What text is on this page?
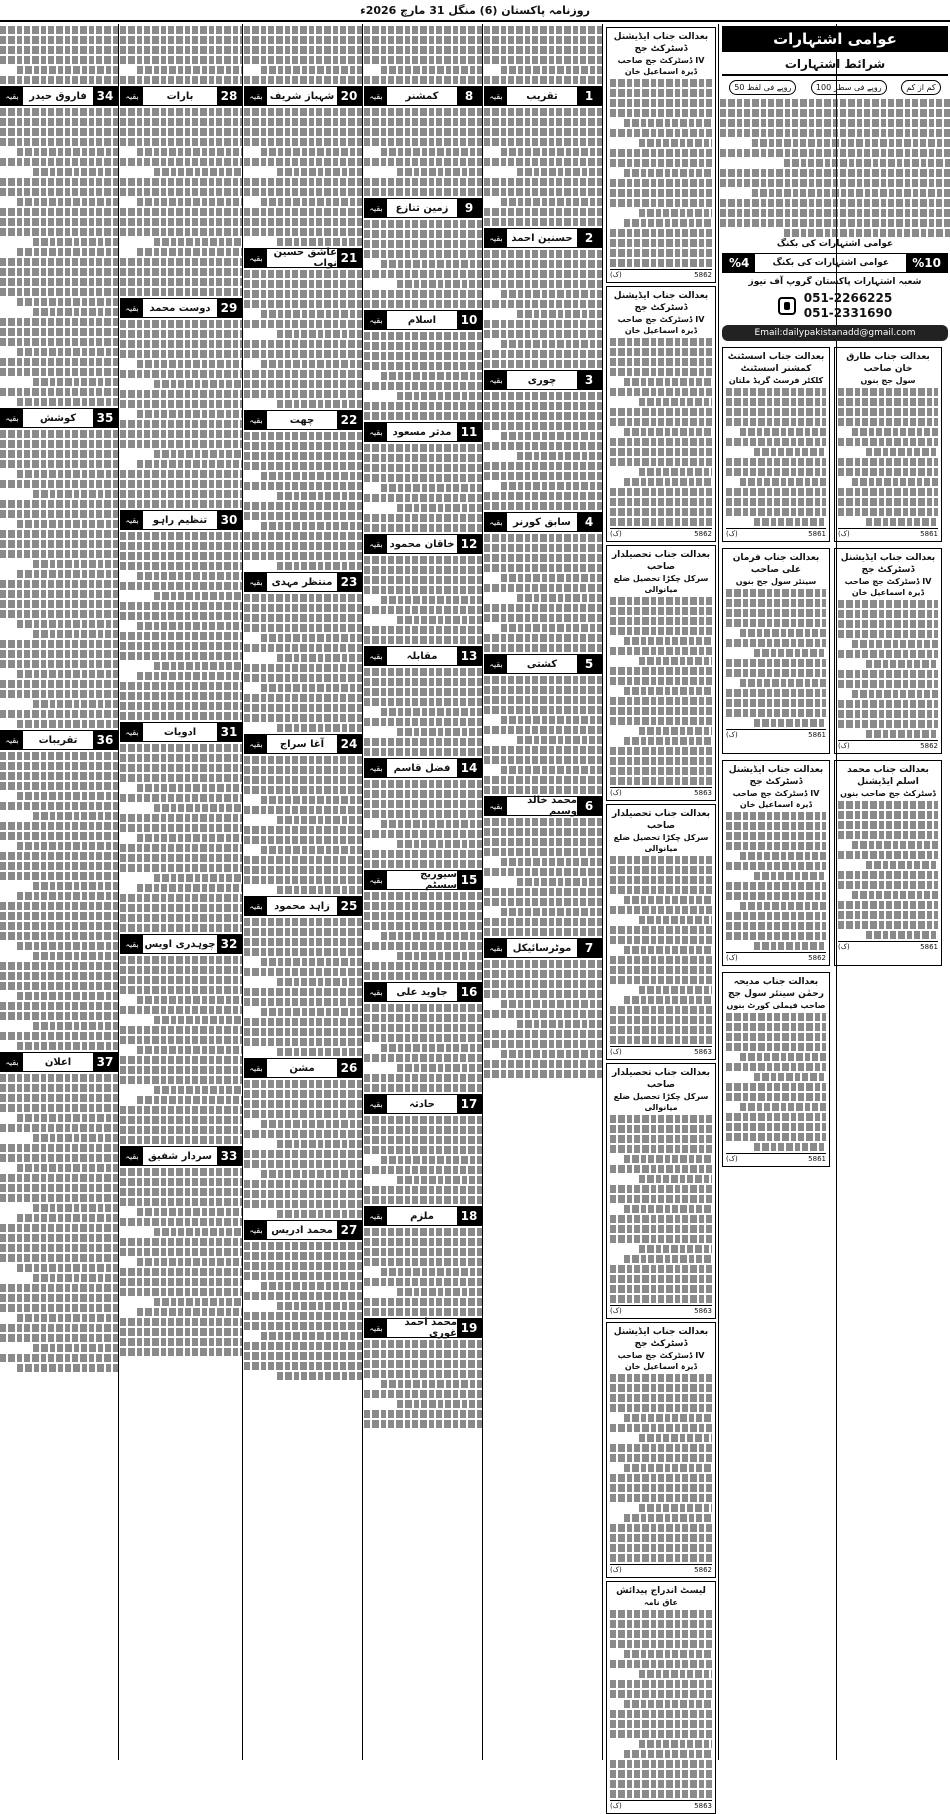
روزنامہ پاکستان (6) منگل 31 مارچ 2026ء
عوامی اشتہارات
شرائط اشتہارات
50 روپے فی لفظ	100 روپے فی سطر	کم از کم
عوامی اشتہارات کی بکنگ
%10
عوامی اشتہارات کی بکنگ
%4
شعبہ اشتہارات پاکستان گروپ آف نیوز
051-2266225
051-2331690
Email:dailypakistanadd@gmail.com
بعدالت جناب اسسٹنٹ کمشنر اسسٹنٹ
کلکٹر فرسٹ گریڈ ملتان
5861
(ک)
بعدالت جناب طارق خان صاحب
سول جج بنوں
5861
(ک)
بعدالت جناب فرمان علی صاحب
سینئر سول جج بنوں
5861
(ک)
بعدالت جناب ایڈیشنل ڈسٹرکٹ جج
IV ڈسٹرکٹ جج صاحب ڈیرہ اسماعیل خان
5862
(ک)
بعدالت جناب ایڈیشنل ڈسٹرکٹ جج
IV ڈسٹرکٹ جج صاحب ڈیرہ اسماعیل خان
5862
(ک)
بعدالت جناب محمد اسلم ایڈیشنل
ڈسٹرکٹ جج صاحب بنوں
5861
(ک)
بعدالت جناب مدیحہ رحمٰن سینئر سول جج
صاحب فیملی کورٹ بنوں
5861
(ک)
بعدالت جناب ایڈیشنل ڈسٹرکٹ جج
IV ڈسٹرکٹ جج صاحب ڈیرہ اسماعیل خان
5862
(ک)
بعدالت جناب ایڈیشنل ڈسٹرکٹ جج
IV ڈسٹرکٹ جج صاحب ڈیرہ اسماعیل خان
5862
(ک)
بعدالت جناب تحصیلدار صاحب
سرکل چکڑا تحصیل ضلع میانوالی
5863
(ک)
بعدالت جناب تحصیلدار صاحب
سرکل چکڑا تحصیل ضلع میانوالی
5863
(ک)
بعدالت جناب تحصیلدار صاحب
سرکل چکڑا تحصیل ضلع میانوالی
5863
(ک)
بعدالت جناب ایڈیشنل ڈسٹرکٹ جج
IV ڈسٹرکٹ جج صاحب ڈیرہ اسماعیل خان
5862
(ک)
لیسٹ اندراج پیدائش
عاق نامہ
5863
(ک)
1
تقریب
بقیہ
2
حسنین احمد
بقیہ
3
چوری
بقیہ
4
سابق کورنر
بقیہ
5
کشتی
بقیہ
6
محمد خالد وسیم
بقیہ
7
موٹرسائیکل
بقیہ
8
کمشنر
بقیہ
9
زمین تنازع
بقیہ
10
اسلام
بقیہ
11
مدثر مسعود
بقیہ
12
خاقان محمود
بقیہ
13
مقابلہ
بقیہ
14
فضل قاسم
بقیہ
15
سیوریج سسٹم
بقیہ
16
جاوید علی
بقیہ
17
حادثہ
بقیہ
18
ملزم
بقیہ
19
محمد احمد غوری
بقیہ
20
شہباز شریف
بقیہ
21
عاشق حسین نواب
بقیہ
22
چھت
بقیہ
23
منتظر مہدی
بقیہ
24
آغا سراج
بقیہ
25
زاہد محمود
بقیہ
26
مشن
بقیہ
27
محمد ادریس
بقیہ
28
بارات
بقیہ
29
دوست محمد
بقیہ
30
تنظیم راہو
بقیہ
31
ادویات
بقیہ
32
چوہدری اویس
بقیہ
33
سردار شفیق
بقیہ
34
فاروق حیدر
بقیہ
35
کوشش
بقیہ
36
تقریبات
بقیہ
37
اعلان
بقیہ
